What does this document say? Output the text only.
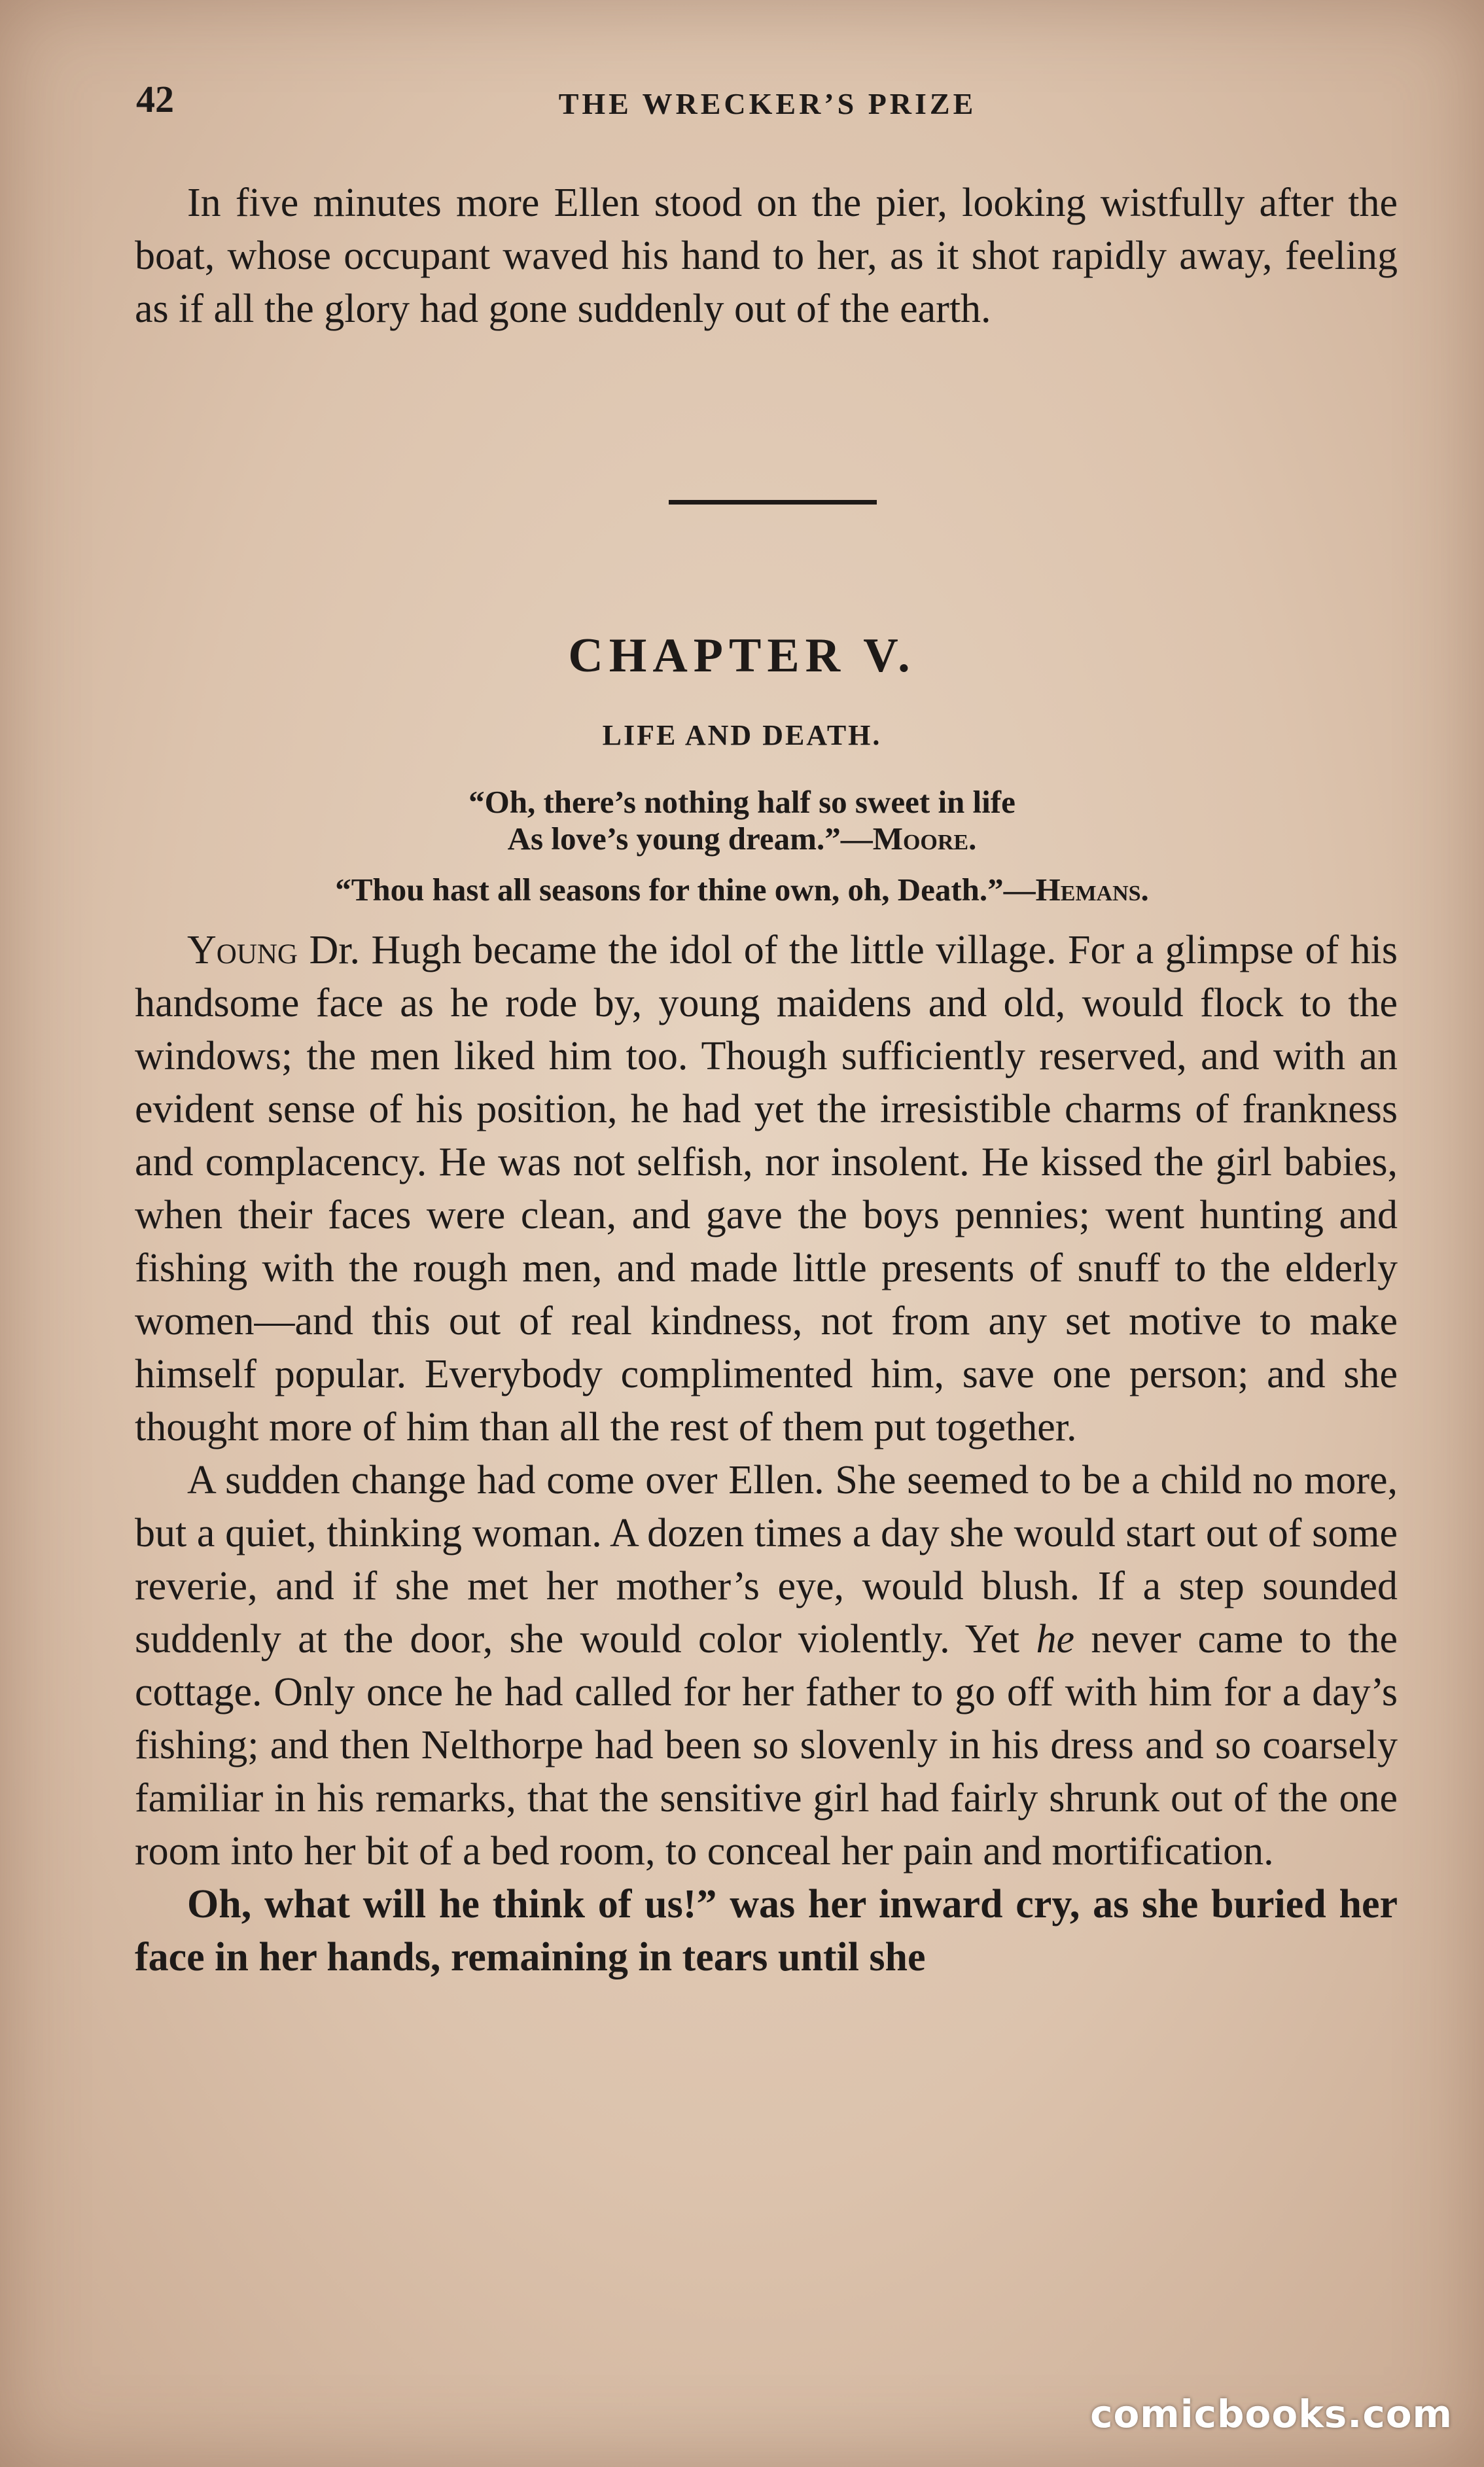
42	THE WRECKER’S PRIZE

In five minutes more Ellen stood on the pier, looking wistfully after the boat, whose occupant waved his hand to her, as it shot rapidly away, feeling as if all the glory had gone suddenly out of the earth.

CHAPTER V.
LIFE AND DEATH.
“Oh, there’s nothing half so sweet in life
As love’s young dream.”—Moore.
“Thou hast all seasons for thine own, oh, Death.”—Hemans.

Young Dr. Hugh became the idol of the little village. For a glimpse of his handsome face as he rode by, young maidens and old, would flock to the windows; the men liked him too. Though sufficiently reserved, and with an evident sense of his position, he had yet the irresistible charms of frankness and complacency. He was not selfish, nor insolent. He kissed the girl babies, when their faces were clean, and gave the boys pennies; went hunting and fishing with the rough men, and made little presents of snuff to the elderly women—and this out of real kindness, not from any set motive to make himself popular. Everybody complimented him, save one person; and she thought more of him than all the rest of them put together.

A sudden change had come over Ellen. She seemed to be a child no more, but a quiet, thinking woman. A dozen times a day she would start out of some reverie, and if she met her mother’s eye, would blush. If a step sounded suddenly at the door, she would color violently. Yet he never came to the cottage. Only once he had called for her father to go off with him for a day’s fishing; and then Nelthorpe had been so slovenly in his dress and so coarsely familiar in his remarks, that the sensitive girl had fairly shrunk out of the one room into her bit of a bed room, to conceal her pain and mortification.

Oh, what will he think of us!” was her inward cry, as she buried her face in her hands, remaining in tears until she

comicbooks.com
